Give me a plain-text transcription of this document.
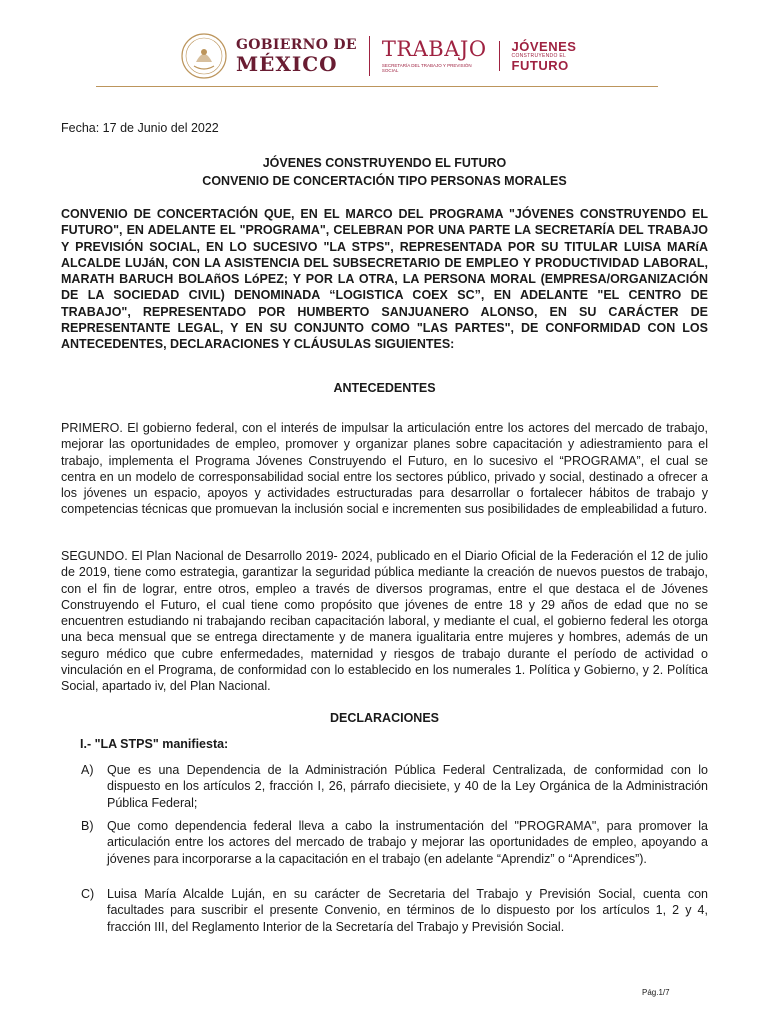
GOBIERNO DE
MÉXICO
TRABAJO
SECRETARÍA DEL TRABAJO Y PREVISIÓN SOCIAL
JÓVENES
CONSTRUYENDO EL
FUTURO
Fecha: 17 de Junio del 2022
JÓVENES CONSTRUYENDO EL FUTURO
CONVENIO DE CONCERTACIÓN TIPO PERSONAS MORALES
CONVENIO DE CONCERTACIÓN QUE, EN EL MARCO DEL PROGRAMA "JÓVENES CONSTRUYENDO EL FUTURO", EN ADELANTE EL "PROGRAMA", CELEBRAN POR UNA PARTE LA SECRETARÍA DEL TRABAJO Y PREVISIÓN SOCIAL, EN LO SUCESIVO "LA STPS", REPRESENTADA POR SU TITULAR LUISA MARíA ALCALDE LUJáN, CON LA ASISTENCIA DEL SUBSECRETARIO DE EMPLEO Y PRODUCTIVIDAD LABORAL, MARATH BARUCH BOLAñOS LóPEZ; Y POR LA OTRA, LA PERSONA MORAL (EMPRESA/ORGANIZACIÓN DE LA SOCIEDAD CIVIL) DENOMINADA “LOGISTICA COEX SC”, EN ADELANTE "EL CENTRO DE TRABAJO", REPRESENTADO POR HUMBERTO SANJUANERO ALONSO, EN SU CARÁCTER DE REPRESENTANTE LEGAL, Y EN SU CONJUNTO COMO "LAS PARTES", DE CONFORMIDAD CON LOS ANTECEDENTES, DECLARACIONES Y CLÁUSULAS SIGUIENTES:
ANTECEDENTES
PRIMERO. El gobierno federal, con el interés de impulsar la articulación entre los actores del mercado de trabajo, mejorar las oportunidades de empleo, promover y organizar planes sobre capacitación y adiestramiento para el trabajo, implementa el Programa Jóvenes Construyendo el Futuro, en lo sucesivo el “PROGRAMA”, el cual se centra en un modelo de corresponsabilidad social entre los sectores público, privado y social, destinado a ofrecer a los jóvenes un espacio, apoyos y actividades estructuradas para desarrollar o fortalecer hábitos de trabajo y competencias técnicas que promuevan la inclusión social e incrementen sus posibilidades de empleabilidad a futuro.
SEGUNDO. El Plan Nacional de Desarrollo 2019- 2024, publicado en el Diario Oficial de la Federación el 12 de julio de 2019, tiene como estrategia, garantizar la seguridad pública mediante la creación de nuevos puestos de trabajo, con el fin de lograr, entre otros, empleo a través de diversos programas, entre el que destaca el de Jóvenes Construyendo el Futuro, el cual tiene como propósito que jóvenes de entre 18 y 29 años de edad que no se encuentren estudiando ni trabajando reciban capacitación laboral, y mediante el cual, el gobierno federal les otorga una beca mensual que se entrega directamente y de manera igualitaria entre mujeres y hombres, además de un seguro médico que cubre enfermedades, maternidad y riesgos de trabajo durante el período de actividad o vinculación en el Programa, de conformidad con lo establecido en los numerales 1. Política y Gobierno, y 2. Política Social, apartado iv, del Plan Nacional.
DECLARACIONES
I.- "LA STPS" manifiesta:
A) Que es una Dependencia de la Administración Pública Federal Centralizada, de conformidad con lo dispuesto en los artículos 2, fracción I, 26, párrafo diecisiete, y 40 de la Ley Orgánica de la Administración Pública Federal;
B) Que como dependencia federal lleva a cabo la instrumentación del "PROGRAMA", para promover la articulación entre los actores del mercado de trabajo y mejorar las oportunidades de empleo, apoyando a jóvenes para incorporarse a la capacitación en el trabajo (en adelante “Aprendiz” o “Aprendices”).
C) Luisa María Alcalde Luján, en su carácter de Secretaria del Trabajo y Previsión Social, cuenta con facultades para suscribir el presente Convenio, en términos de lo dispuesto por los artículos 1, 2 y 4, fracción III, del Reglamento Interior de la Secretaría del Trabajo y Previsión Social.
Pág.1/7
